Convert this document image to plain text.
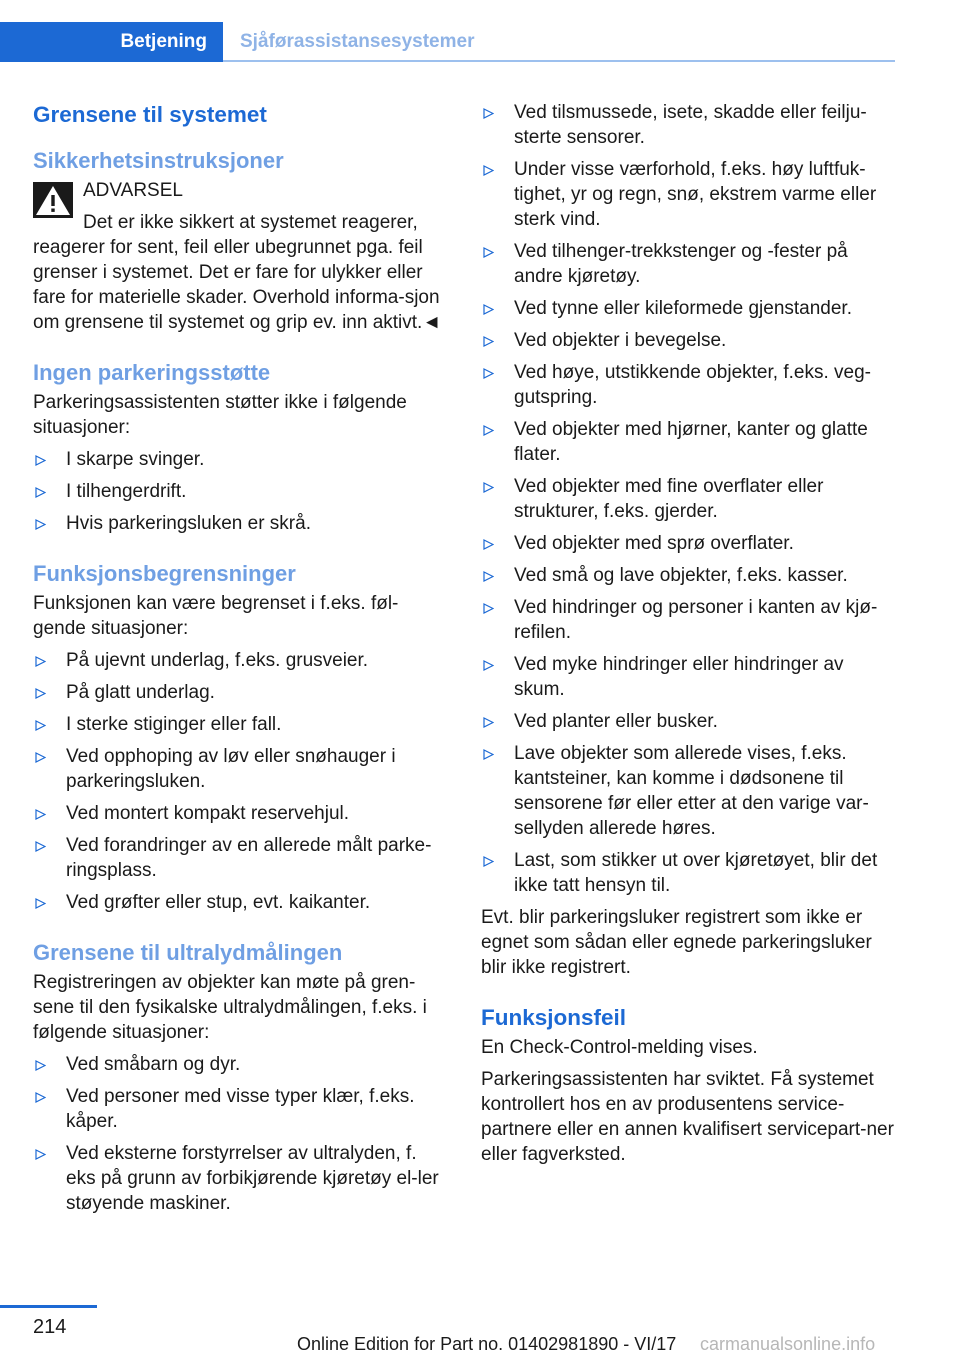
Betjening Sjåførassistansesystemer
Grensene til systemet
Sikkerhetsinstruksjoner
ADVARSEL
Det er ikke sikkert at systemet reagerer, reagerer for sent, feil eller ubegrunnet pga. feil grenser i systemet. Det er fare for ulykker eller fare for materielle skader. Overhold informa-sjon om grensene til systemet og grip ev. inn aktivt.◄
Ingen parkeringsstøtte

Parkeringsassistenten støtter ikke i følgende situasjoner:

I skarpe svinger.
I tilhengerdrift.
Hvis parkeringsluken er skrå.
Funksjonsbegrensninger

Funksjonen kan være begrenset i f.eks. føl-gende situasjoner:

På ujevnt underlag, f.eks. grusveier.
På glatt underlag.
I sterke stiginger eller fall.
Ved opphoping av løv eller snøhauger i parkeringsluken.
Ved montert kompakt reservehjul.
Ved forandringer av en allerede målt parke-ringsplass.
Ved grøfter eller stup, evt. kaikanter.
Grensene til ultralydmålingen

Registreringen av objekter kan møte på gren-sene til den fysikalske ultralydmålingen, f.eks. i følgende situasjoner:

Ved småbarn og dyr.
Ved personer med visse typer klær, f.eks. kåper.
Ved eksterne forstyrrelser av ultralyden, f. eks på grunn av forbikjørende kjøretøy el-ler støyende maskiner.
Ved tilsmussede, isete, skadde eller feilju-sterte sensorer.
Under visse værforhold, f.eks. høy luftfuk-tighet, yr og regn, snø, ekstrem varme eller sterk vind.
Ved tilhenger-trekkstenger og -fester på andre kjøretøy.
Ved tynne eller kileformede gjenstander.
Ved objekter i bevegelse.
Ved høye, utstikkende objekter, f.eks. veg-gutspring.
Ved objekter med hjørner, kanter og glatte flater.
Ved objekter med fine overflater eller strukturer, f.eks. gjerder.
Ved objekter med sprø overflater.
Ved små og lave objekter, f.eks. kasser.
Ved hindringer og personer i kanten av kjø-refilen.
Ved myke hindringer eller hindringer av skum.
Ved planter eller busker.
Lave objekter som allerede vises, f.eks. kantsteiner, kan komme i dødsonene til sensorene før eller etter at den varige var-sellyden allerede høres.
Last, som stikker ut over kjøretøyet, blir det ikke tatt hensyn til.

Evt. blir parkeringsluker registrert som ikke er egnet som sådan eller egnede parkeringsluker blir ikke registrert.

Funksjonsfeil

En Check-Control-melding vises.

Parkeringsassistenten har sviktet. Få systemet kontrollert hos en av produsentens service-partnere eller en annen kvalifisert servicepart-ner eller fagverksted.

214
Online Edition for Part no. 01402981890 - VI/17 carmanualsonline.info
